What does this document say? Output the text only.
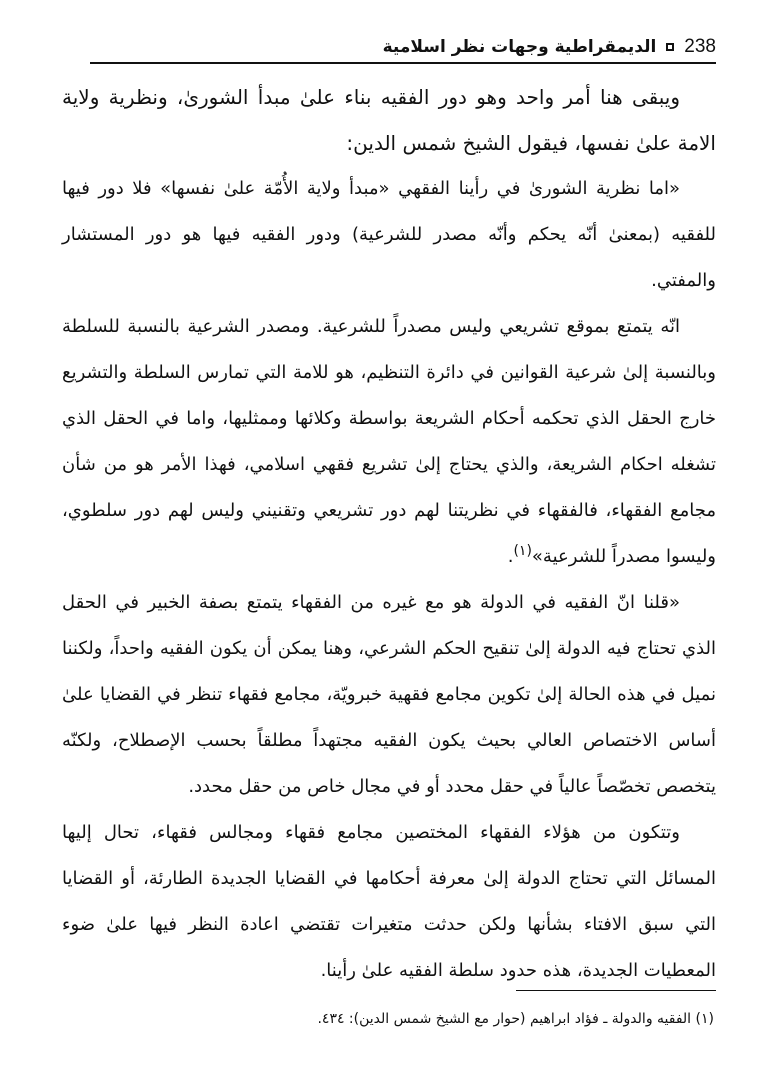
238
الديمقراطية وجهات نظر اسلامية

ويبقى هنا أمر واحد وهو دور الفقيه بناء علىٰ مبدأ الشورىٰ، ونظرية ولاية الامة علىٰ نفسها، فيقول الشيخ شمس الدين:

«اما نظرية الشورىٰ في رأينا الفقهي «مبدأ ولاية الأُمّة علىٰ نفسها» فلا دور فيها للفقيه (بمعنىٰ أنّه يحكم وأنّه مصدر للشرعية) ودور الفقيه فيها هو دور المستشار والمفتي.

انّه يتمتع بموقع تشريعي وليس مصدراً للشرعية. ومصدر الشرعية بالنسبة للسلطة وبالنسبة إلىٰ شرعية القوانين في دائرة التنظيم، هو للامة التي تمارس السلطة والتشريع خارج الحقل الذي تحكمه أحكام الشريعة بواسطة وكلائها وممثليها، واما في الحقل الذي تشغله احكام الشريعة، والذي يحتاج إلىٰ تشريع فقهي اسلامي، فهذا الأمر هو من شأن مجامع الفقهاء، فالفقهاء في نظريتنا لهم دور تشريعي وتقنيني وليس لهم دور سلطوي، وليسوا مصدراً للشرعية»$^{(١)}$.

«قلنا انّ الفقيه في الدولة هو مع غيره من الفقهاء يتمتع بصفة الخبير في الحقل الذي تحتاج فيه الدولة إلىٰ تنقيح الحكم الشرعي، وهنا يمكن أن يكون الفقيه واحداً، ولكننا نميل في هذه الحالة إلىٰ تكوين مجامع فقهية خبرويّة، مجامع فقهاء تنظر في القضايا علىٰ أساس الاختصاص العالي بحيث يكون الفقيه مجتهداً مطلقاً بحسب الإصطلاح، ولكنّه يتخصص تخصّصاً عالياً في حقل محدد أو في مجال خاص من حقل محدد.

وتتكون من هؤلاء الفقهاء المختصين مجامع فقهاء ومجالس فقهاء، تحال إليها المسائل التي تحتاج الدولة إلىٰ معرفة أحكامها في القضايا الجديدة الطارئة، أو القضايا التي سبق الافتاء بشأنها ولكن حدثت متغيرات تقتضي اعادة النظر فيها علىٰ ضوء المعطيات الجديدة، هذه حدود سلطة الفقيه علىٰ رأينا.

(١) الفقيه والدولة ـ فؤاد ابراهيم (حوار مع الشيخ شمس الدين): ٤٣٤.
